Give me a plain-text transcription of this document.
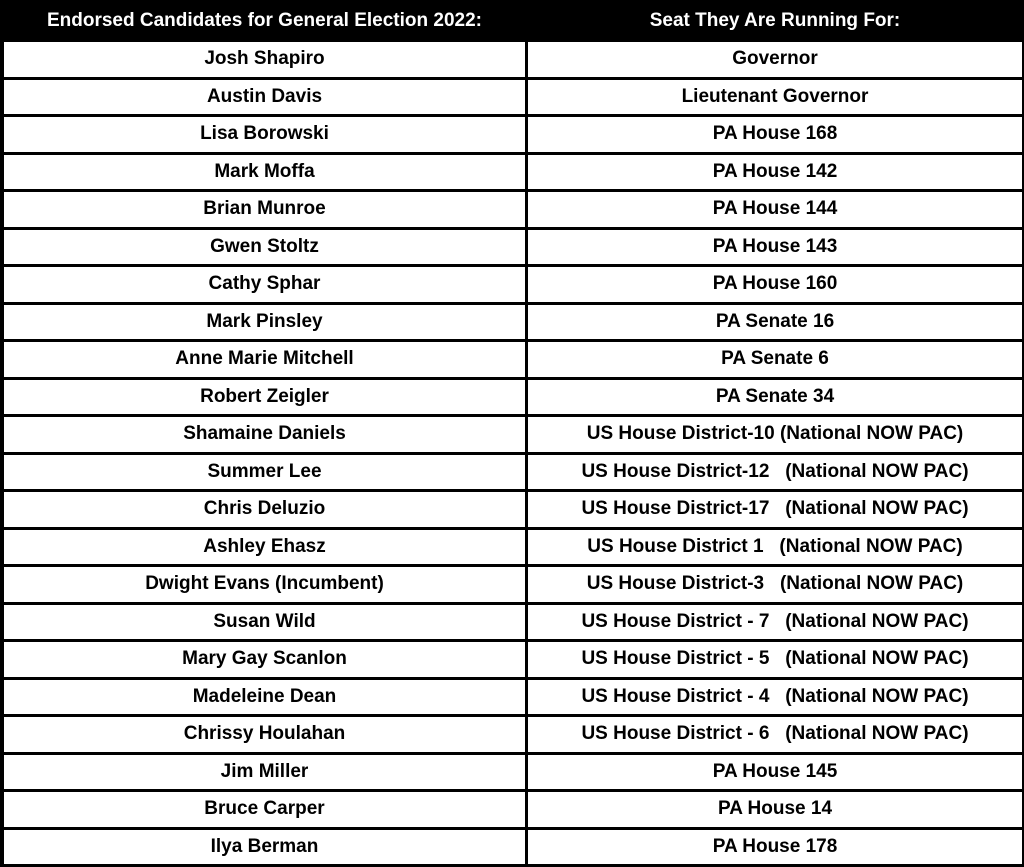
Endorsed Candidates for General Election 2022:	Seat They Are Running For:
Josh Shapiro	Governor
Austin Davis	Lieutenant Governor
Lisa Borowski	PA House 168
Mark Moffa	PA House 142
Brian Munroe	PA House 144
Gwen Stoltz	PA House 143
Cathy Sphar	PA House 160
Mark Pinsley	PA Senate 16
Anne Marie Mitchell	PA Senate 6
Robert Zeigler	PA Senate 34
Shamaine Daniels	US House District-10 (National NOW PAC)
Summer Lee	US House District-12   (National NOW PAC)
Chris Deluzio	US House District-17   (National NOW PAC)
Ashley Ehasz	US House District 1   (National NOW PAC)
Dwight Evans (Incumbent)	US House District-3   (National NOW PAC)
Susan Wild	US House District - 7   (National NOW PAC)
Mary Gay Scanlon	US House District - 5   (National NOW PAC)
Madeleine Dean	US House District - 4   (National NOW PAC)
Chrissy Houlahan	US House District - 6   (National NOW PAC)
Jim Miller	PA House 145
Bruce Carper	PA House 14
Ilya Berman	PA House 178
